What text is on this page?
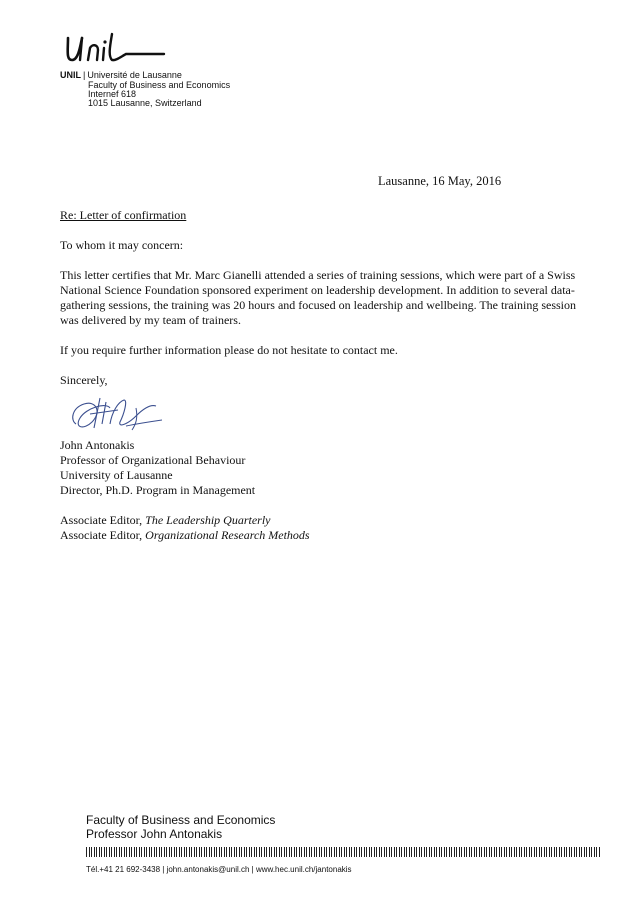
UNIL | Université de Lausanne
Faculty of Business and Economics
Internef 618
1015 Lausanne, Switzerland
Lausanne, 16 May, 2016

Re: Letter of confirmation

To whom it may concern:

This letter certifies that Mr. Marc Gianelli attended a series of training sessions, which were part of a Swiss National Science Foundation sponsored experiment on leadership development. In addition to several data-gathering sessions, the training was 20 hours and focused on leadership and wellbeing. The training session was delivered by my team of trainers.

If you require further information please do not hesitate to contact me.

Sincerely,

John Antonakis
Professor of Organizational Behaviour
University of Lausanne
Director, Ph.D. Program in Management
Associate Editor, The Leadership Quarterly
Associate Editor, Organizational Research Methods
Faculty of Business and Economics
Professor John Antonakis
Tél.+41 21 692-3438 | john.antonakis@unil.ch | www.hec.unil.ch/jantonakis
